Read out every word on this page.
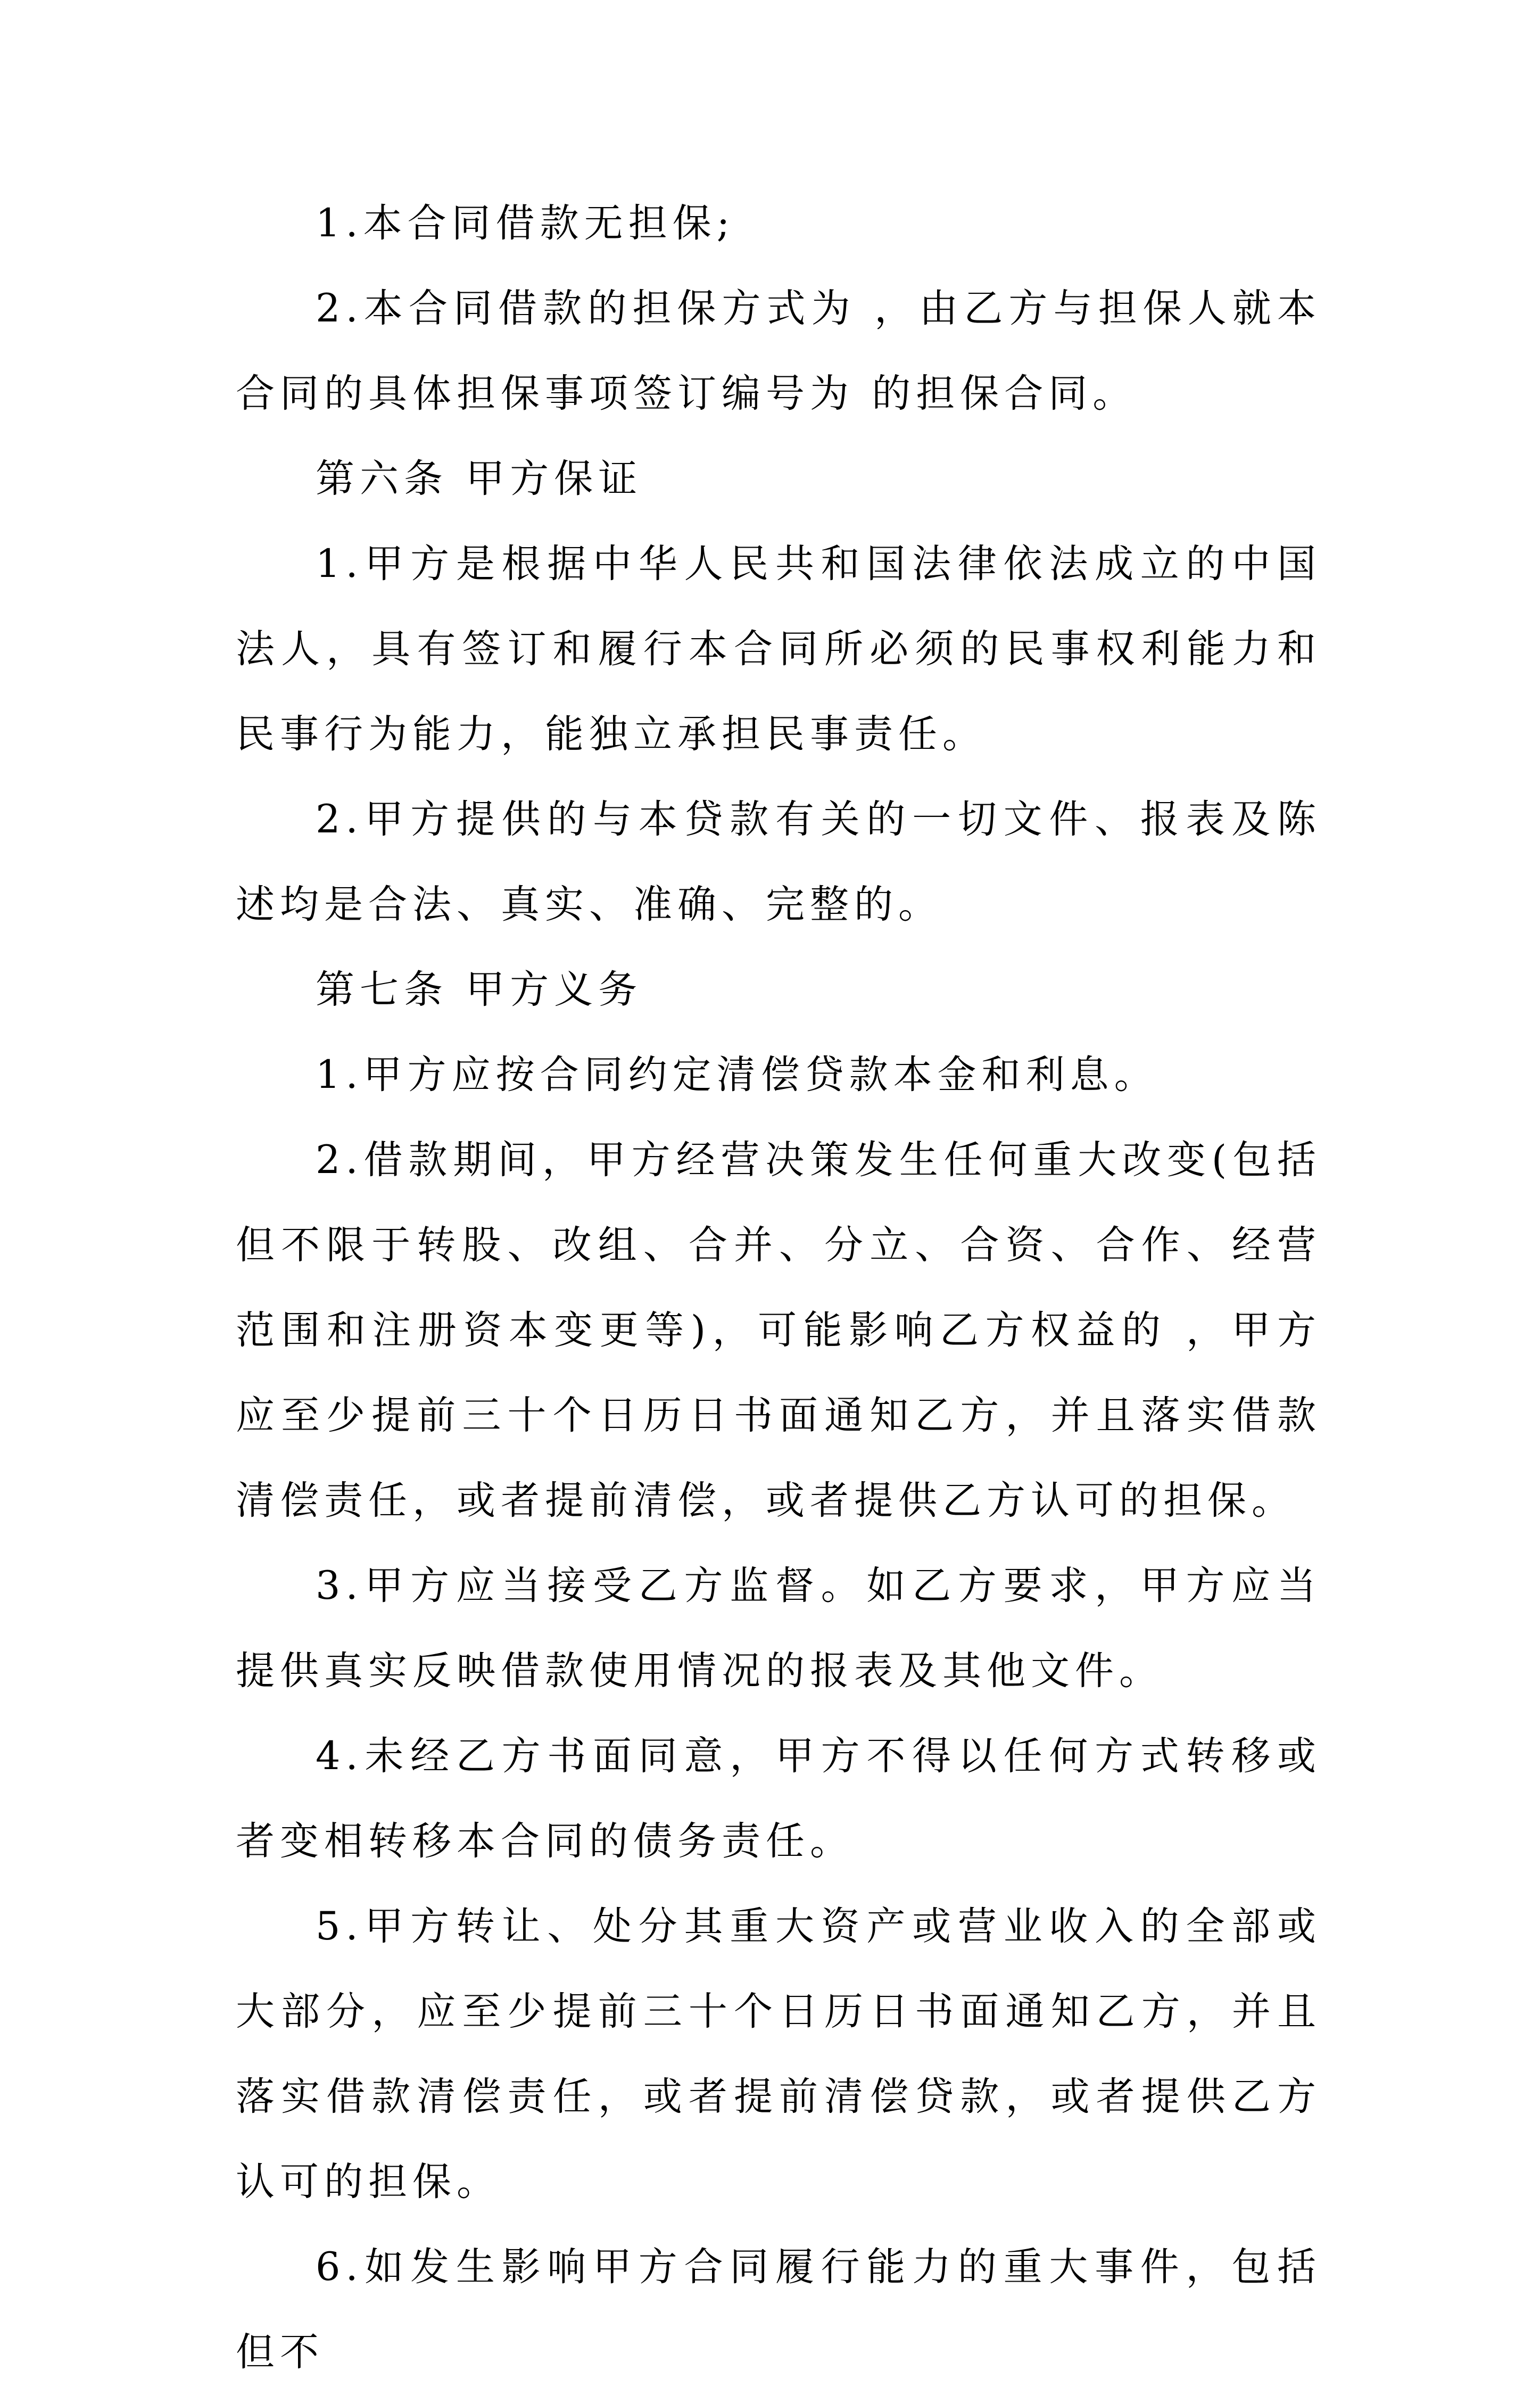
1.本合同借款无担保;

2.本合同借款的担保方式为 ，由乙方与担保人就本合同的具体担保事项签订编号为 的担保合同。

第六条 甲方保证

1.甲方是根据中华人民共和国法律依法成立的中国法人，具有签订和履行本合同所必须的民事权利能力和民事行为能力，能独立承担民事责任。

2.甲方提供的与本贷款有关的一切文件、报表及陈述均是合法、真实、准确、完整的。

第七条 甲方义务

1.甲方应按合同约定清偿贷款本金和利息。

2.借款期间，甲方经营决策发生任何重大改变(包括但不限于转股、改组、合并、分立、合资、合作、经营范围和注册资本变更等)，可能影响乙方权益的 ，甲方应至少提前三十个日历日书面通知乙方，并且落实借款清偿责任，或者提前清偿，或者提供乙方认可的担保。

3.甲方应当接受乙方监督。如乙方要求，甲方应当提供真实反映借款使用情况的报表及其他文件。

4.未经乙方书面同意，甲方不得以任何方式转移或者变相转移本合同的债务责任。

5.甲方转让、处分其重大资产或营业收入的全部或大部分，应至少提前三十个日历日书面通知乙方，并且落实借款清偿责任，或者提前清偿贷款，或者提供乙方认可的担保。

6.如发生影响甲方合同履行能力的重大事件，包括但不
